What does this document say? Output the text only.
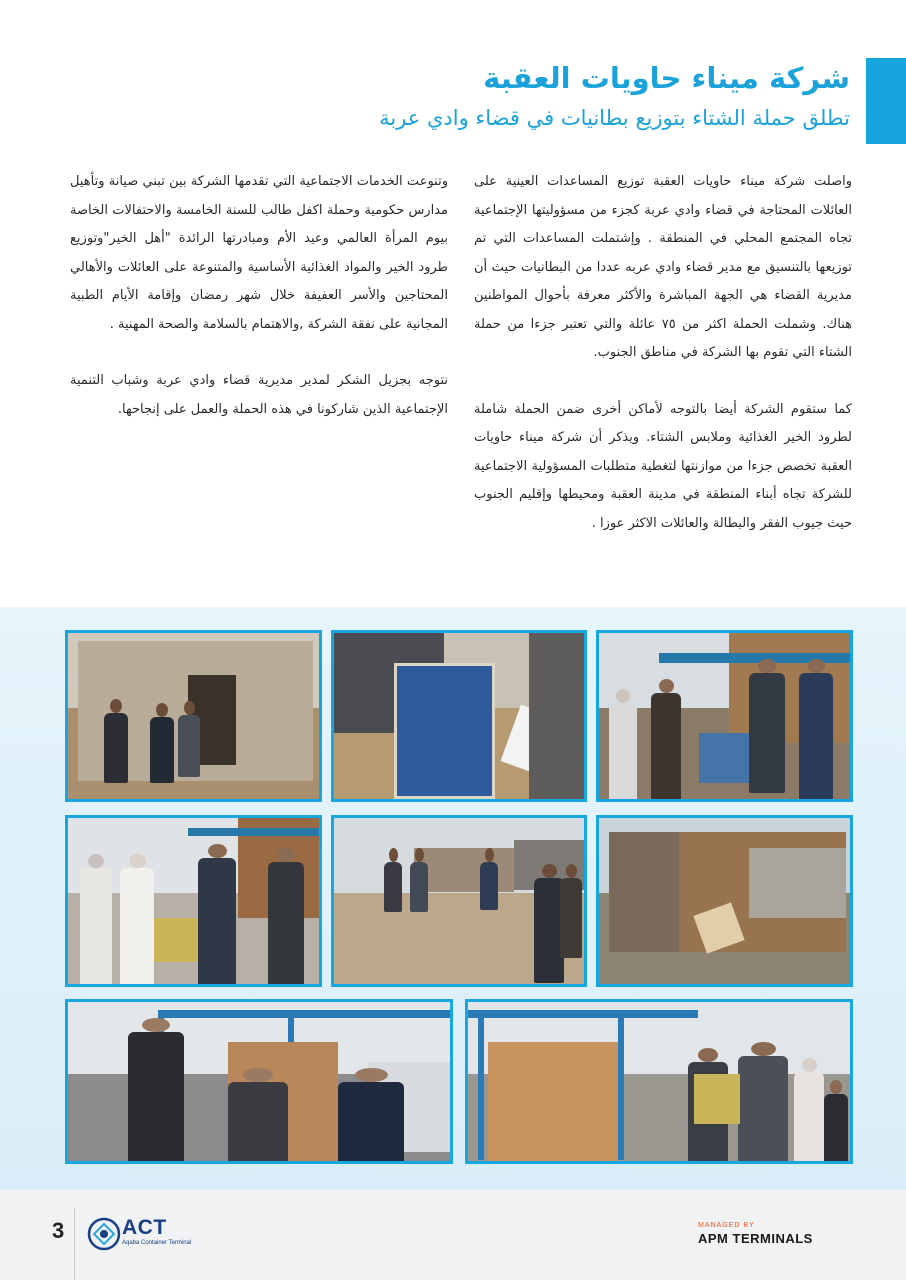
شركة ميناء حاويات العقبة
تطلق حملة الشتاء بتوزيع بطانيات في قضاء وادي عربة

واصلت شركة ميناء حاويات العقبة توزيع المساعدات العينية على العائلات المحتاجة في قضاء وادي عربة كجزء من مسؤوليتها الإجتماعية تجاه المجتمع المحلي في المنطقة . وإشتملت المساعدات التي تم توزيعها بالتنسيق مع مدير قضاء وادي عربه عددا من البطانيات حيث أن مديرية القضاء هي الجهة المباشرة والأكثر معرفة بأحوال المواطنين هناك. وشملت الحملة اكثر من ٧٥ عائلة والتي تعتبر جزءا من حملة الشتاء التي تقوم بها الشركة في مناطق الجنوب.

كما ستقوم الشركة أيضا بالتوجه لأماكن أخرى ضمن الحملة شاملة لطرود الخير الغذائية وملابس الشتاء. ويذكر أن شركة ميناء حاويات العقبة تخصص جزءا من موازنتها لتغطية متطلبات المسؤولية الاجتماعية للشركة تجاه أبناء المنطقة في مدينة العقبة ومحيطها وإقليم الجنوب حيث جيوب الفقر والبطالة والعائلات الاكثر عوزا .

وتنوعت الخدمات الاجتماعية التي تقدمها الشركة بين تبني صيانة وتأهيل مدارس حكومية وحملة اكفل طالب للسنة الخامسة والاحتفالات الخاصة بيوم المرأة العالمي وعيد الأم ومبادرتها الرائدة "أهل الخير"وتوزيع طرود الخير والمواد الغذائية الأساسية والمتنوعة على العائلات والأهالي المحتاجين والأسر العفيفة خلال شهر رمضان وإقامة الأيام الطبية المجانية على نفقة الشركة ,والاهتمام بالسلامة والصحة المهنية .

نتوجه بجزيل الشكر لمدير مديرية قضاء وادي عربة وشباب التنمية الإجتماعية الذين شاركونا في هذه الحملة والعمل على إنجاحها.

3	ACT
Aqaba Container Terminal
MANAGED BY
APM TERMINALS
